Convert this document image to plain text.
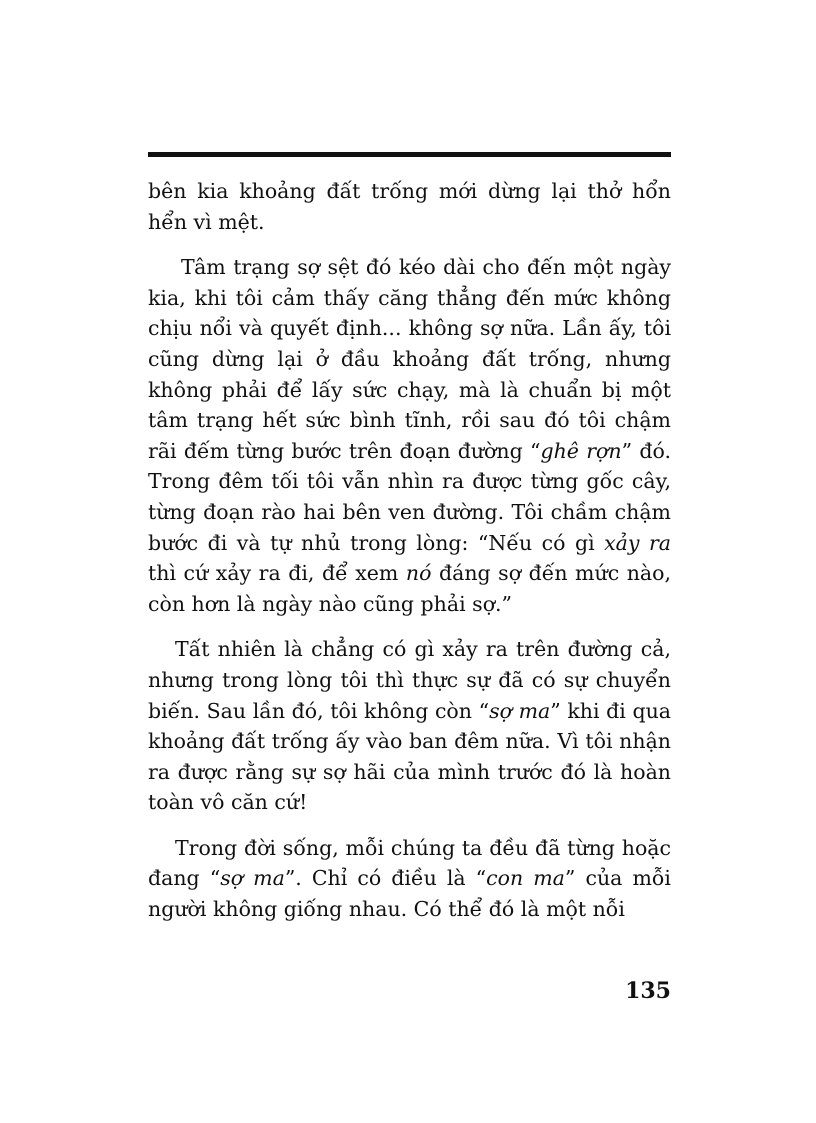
bên kia khoảng đất trống mới dừng lại thở hổn hển vì mệt.

Tâm trạng sợ sệt đó kéo dài cho đến một ngày kia, khi tôi cảm thấy căng thẳng đến mức không chịu nổi và quyết định... không sợ nữa. Lần ấy, tôi cũng dừng lại ở đầu khoảng đất trống, nhưng không phải để lấy sức chạy, mà là chuẩn bị một tâm trạng hết sức bình tĩnh, rồi sau đó tôi chậm rãi đếm từng bước trên đoạn đường “ghê rợn” đó. Trong đêm tối tôi vẫn nhìn ra được từng gốc cây, từng đoạn rào hai bên ven đường. Tôi chầm chậm bước đi và tự nhủ trong lòng: “Nếu có gì xảy ra thì cứ xảy ra đi, để xem nó đáng sợ đến mức nào, còn hơn là ngày nào cũng phải sợ.”

Tất nhiên là chẳng có gì xảy ra trên đường cả, nhưng trong lòng tôi thì thực sự đã có sự chuyển biến. Sau lần đó, tôi không còn “sợ ma” khi đi qua khoảng đất trống ấy vào ban đêm nữa. Vì tôi nhận ra được rằng sự sợ hãi của mình trước đó là hoàn toàn vô căn cứ!

Trong đời sống, mỗi chúng ta đều đã từng hoặc đang “sợ ma”. Chỉ có điều là “con ma” của mỗi người không giống nhau. Có thể đó là một nỗi

135
